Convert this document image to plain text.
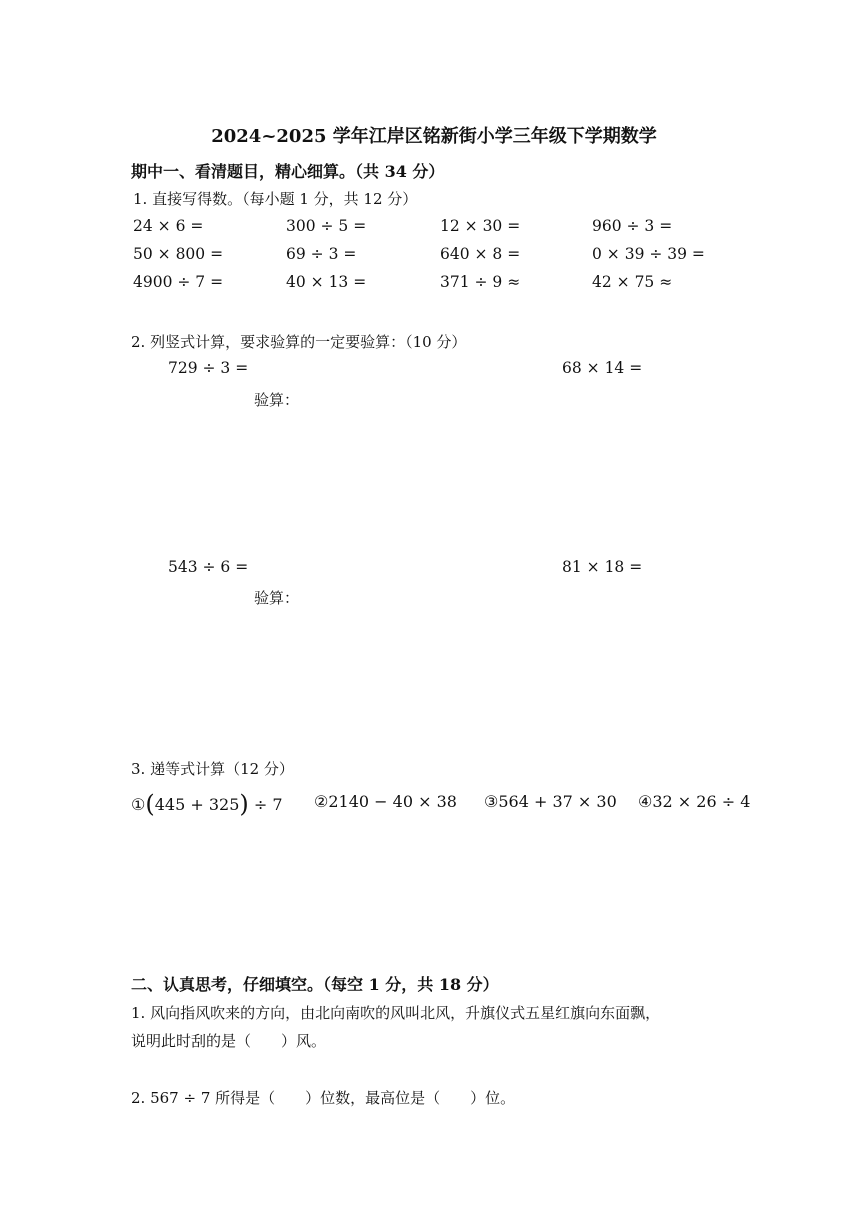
2024~2025 学年江岸区铭新街小学三年级下学期数学
期中一、看清题目，精心细算。（共 34 分）
1. 直接写得数。（每小题 1 分，共 12 分）
24 × 6 =	300 ÷ 5 =	12 × 30 =	960 ÷ 3 =
50 × 800 =	69 ÷ 3 =	640 × 8 =	0 × 39 ÷ 39 =
4900 ÷ 7 =	40 × 13 =	371 ÷ 9 ≈	42 × 75 ≈
2. 列竖式计算，要求验算的一定要验算：（10 分）
729 ÷ 3 =	68 × 14 =
验算：
543 ÷ 6 =	81 × 18 =
验算：
3. 递等式计算（12 分）
①(445 + 325) ÷ 7 ②2140 − 40 × 38 ③564 + 37 × 30 ④32 × 26 ÷ 4
二、认真思考，仔细填空。（每空 1 分，共 18 分）
1. 风向指风吹来的方向，由北向南吹的风叫北风，升旗仪式五星红旗向东面飘，
说明此时刮的是（　　）风。
2. 567 ÷ 7 所得是（　　）位数，最高位是（　　）位。
